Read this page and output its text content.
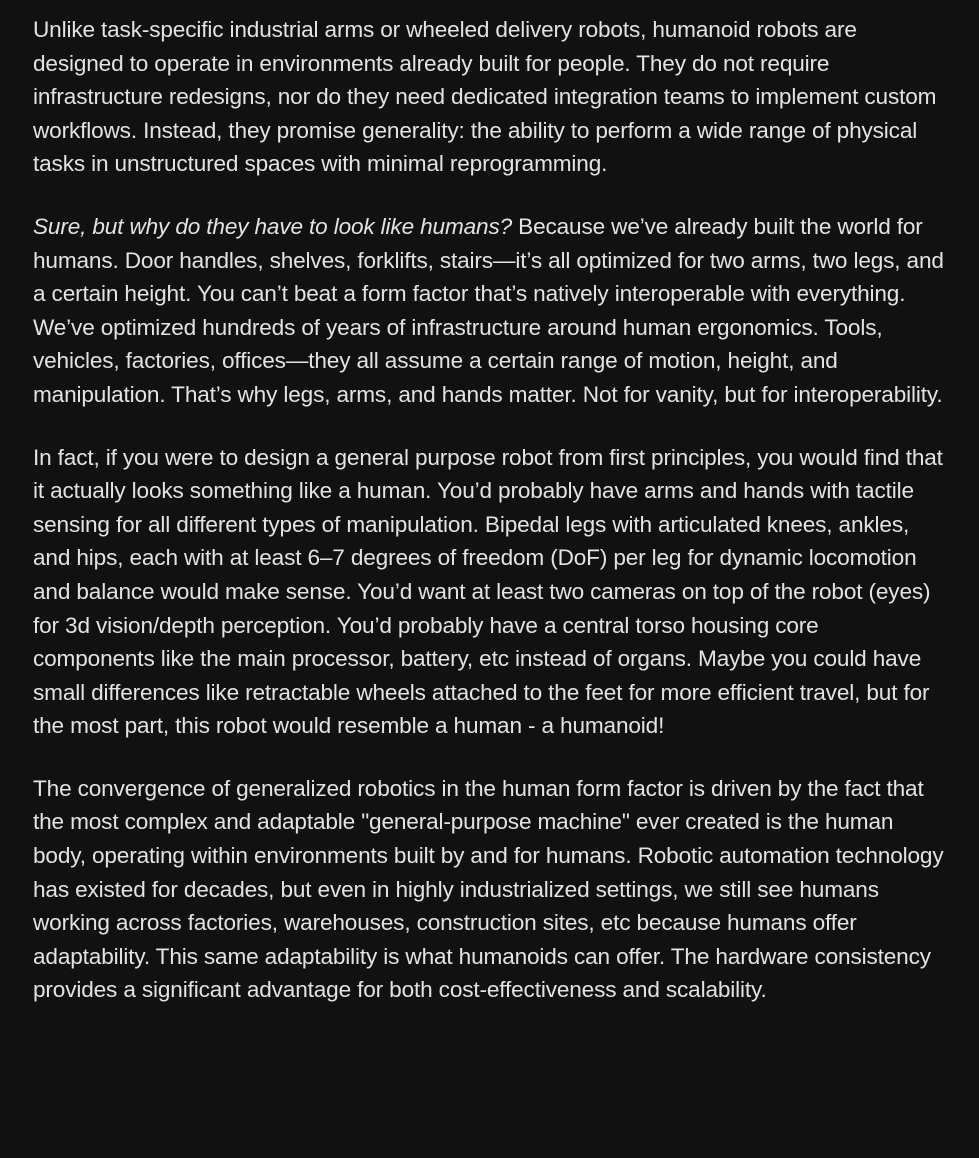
Unlike task-specific industrial arms or wheeled delivery robots, humanoid robots are designed to operate in environments already built for people. They do not require infrastructure redesigns, nor do they need dedicated integration teams to implement custom workflows. Instead, they promise generality: the ability to perform a wide range of physical tasks in unstructured spaces with minimal reprogramming.

Sure, but why do they have to look like humans? Because we’ve already built the world for humans. Door handles, shelves, forklifts, stairs—it’s all optimized for two arms, two legs, and a certain height. You can’t beat a form factor that’s natively interoperable with everything. We’ve optimized hundreds of years of infrastructure around human ergonomics. Tools, vehicles, factories, offices—they all assume a certain range of motion, height, and manipulation. That’s why legs, arms, and hands matter. Not for vanity, but for interoperability.

In fact, if you were to design a general purpose robot from first principles, you would find that it actually looks something like a human. You’d probably have arms and hands with tactile sensing for all different types of manipulation. Bipedal legs with articulated knees, ankles, and hips, each with at least 6–7 degrees of freedom (DoF) per leg for dynamic locomotion and balance would make sense. You’d want at least two cameras on top of the robot (eyes) for 3d vision/depth perception. You’d probably have a central torso housing core components like the main processor, battery, etc instead of organs. Maybe you could have small differences like retractable wheels attached to the feet for more efficient travel, but for the most part, this robot would resemble a human - a humanoid!

The convergence of generalized robotics in the human form factor is driven by the fact that the most complex and adaptable "general-purpose machine" ever created is the human body, operating within environments built by and for humans. Robotic automation technology has existed for decades, but even in highly industrialized settings, we still see humans working across factories, warehouses, construction sites, etc because humans offer adaptability. This same adaptability is what humanoids can offer. The hardware consistency provides a significant advantage for both cost-effectiveness and scalability.
